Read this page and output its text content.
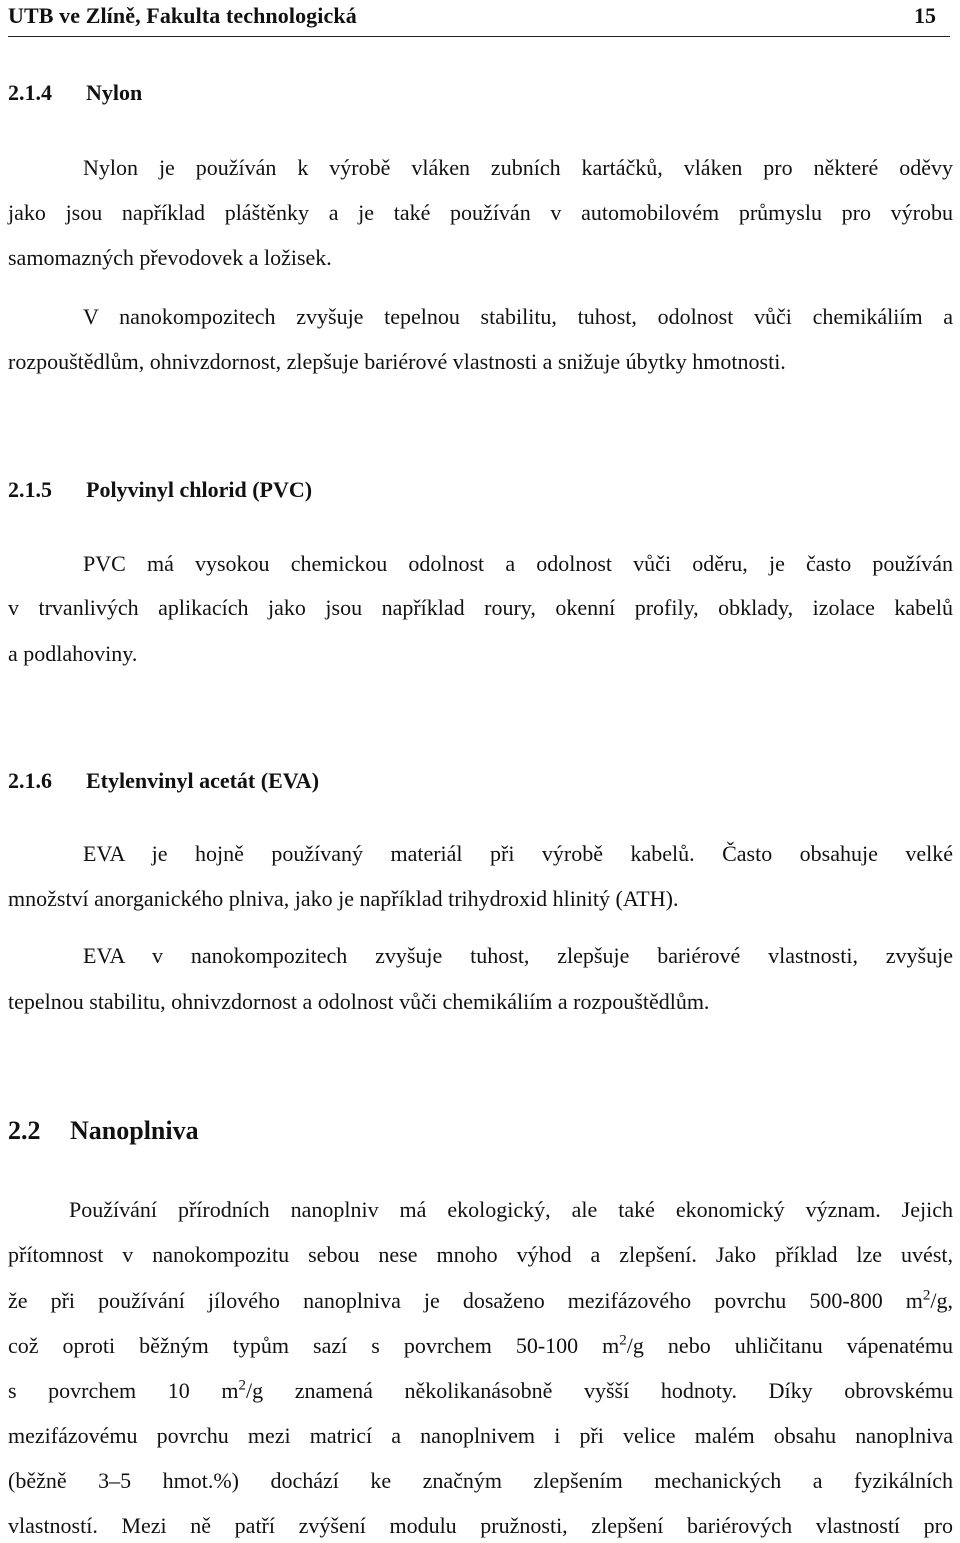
UTB ve Zlíně, Fakulta technologická	15
2.1.4 Nylon
Nylon je používán k výrobě vláken zubních kartáčků, vláken pro některé oděvy
jako jsou například pláštěnky a je také používán v automobilovém průmyslu pro výrobu
samomazných převodovek a ložisek.
V nanokompozitech zvyšuje tepelnou stabilitu, tuhost, odolnost vůči chemikáliím a
rozpouštědlům, ohnivzdornost, zlepšuje bariérové vlastnosti a snižuje úbytky hmotnosti.
2.1.5 Polyvinyl chlorid (PVC)
PVC má vysokou chemickou odolnost a odolnost vůči oděru, je často používán
v trvanlivých aplikacích jako jsou například roury, okenní profily, obklady, izolace kabelů
a podlahoviny.
2.1.6 Etylenvinyl acetát (EVA)
EVA je hojně používaný materiál při výrobě kabelů. Často obsahuje velké
množství anorganického plniva, jako je například trihydroxid hlinitý (ATH).
EVA v nanokompozitech zvyšuje tuhost, zlepšuje bariérové vlastnosti, zvyšuje
tepelnou stabilitu, ohnivzdornost a odolnost vůči chemikáliím a rozpouštědlům.
2.2 Nanoplniva
Používání přírodních nanoplniv má ekologický, ale také ekonomický význam. Jejich
přítomnost v nanokompozitu sebou nese mnoho výhod a zlepšení. Jako příklad lze uvést,
že při používání jílového nanoplniva je dosaženo mezifázového povrchu 500-800 $m^2/g$,
což oproti běžným typům sazí s povrchem 50-100 $m^2/g$ nebo uhličitanu vápenatému
s povrchem 10 $m^2/g$ znamená několikanásobně vyšší hodnoty. Díky obrovskému
mezifázovému povrchu mezi matricí a nanoplnivem i při velice malém obsahu nanoplniva
(běžně 3–5 hmot.%) dochází ke značným zlepšením mechanických a fyzikálních
vlastností. Mezi ně patří zvýšení modulu pružnosti, zlepšení bariérových vlastností pro
